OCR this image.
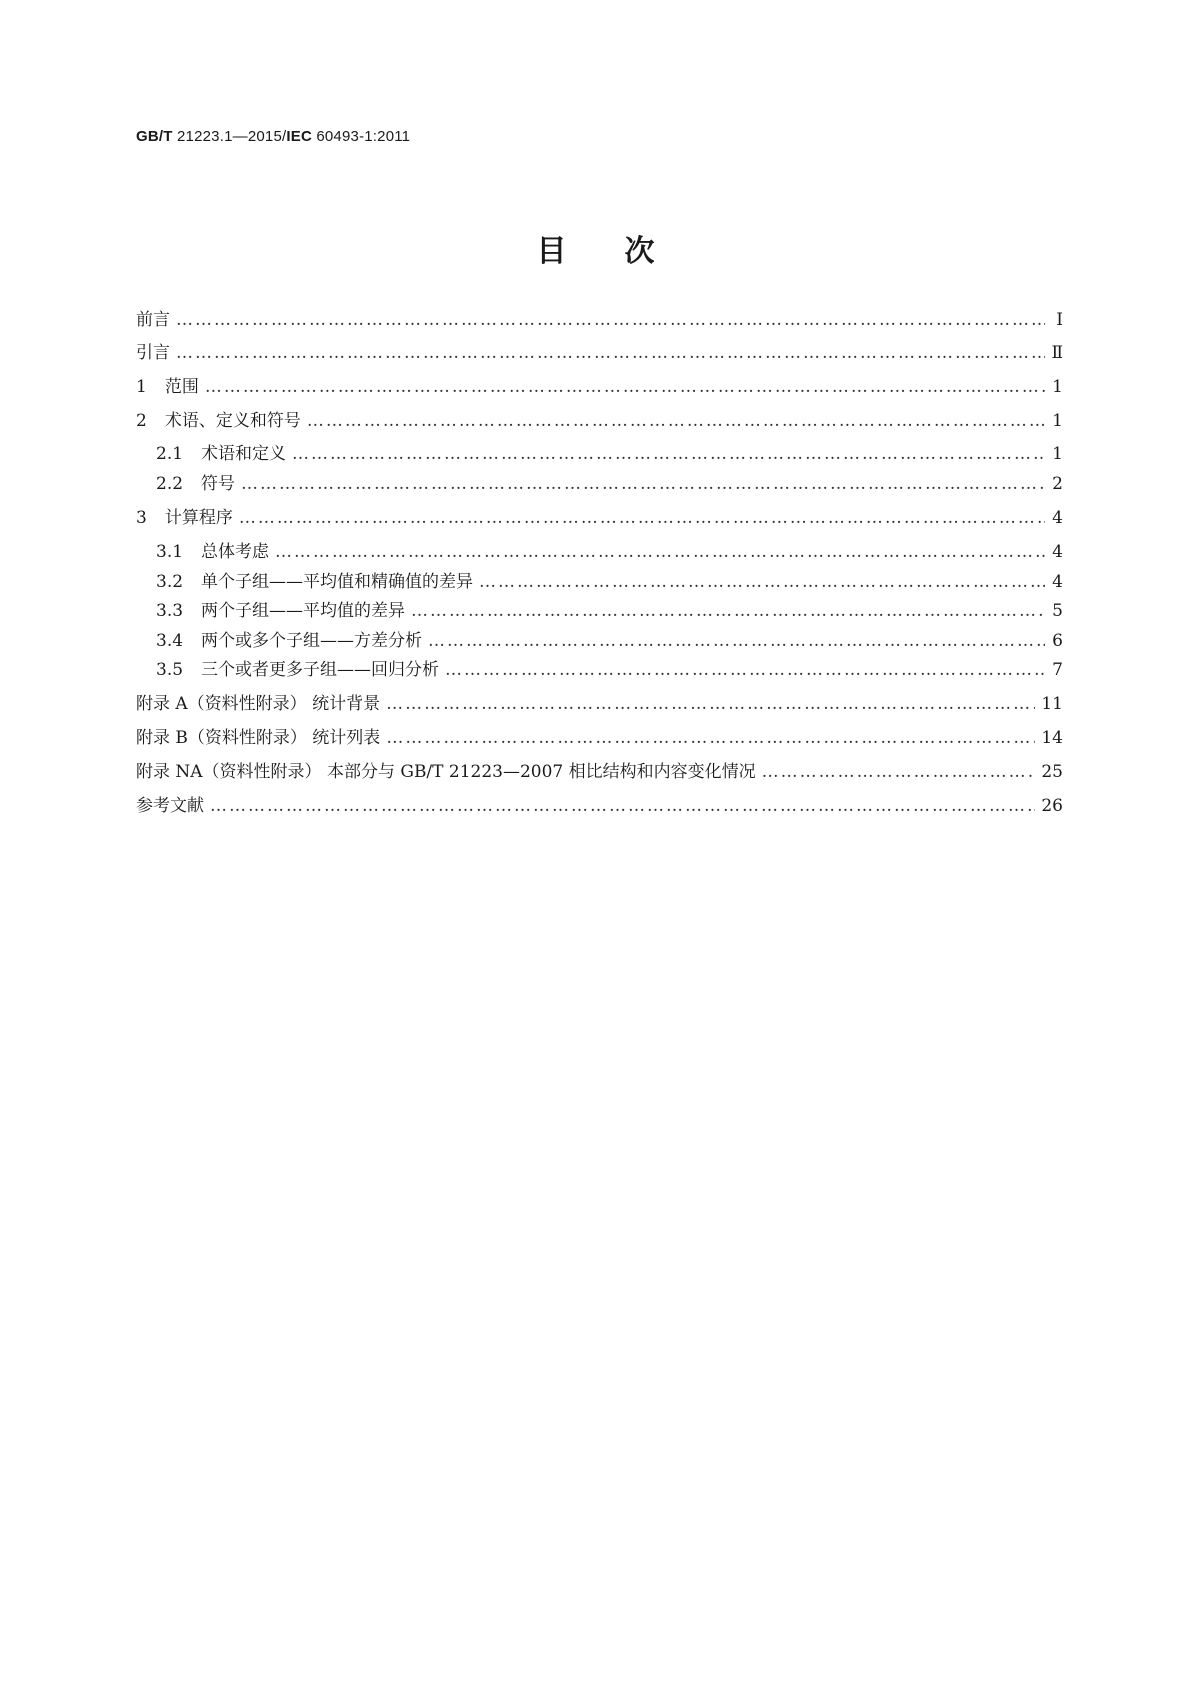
GB/T 21223.1—2015/IEC 60493-1:2011
目次
前言 ………………………………………………………………………………………………………………………………………………………………………………………………………………………………………………………………	Ⅰ
引言 ………………………………………………………………………………………………………………………………………………………………………………………………………………………………………………………………	Ⅱ
1 范围 ………………………………………………………………………………………………………………………………………………………………………………………………………………………………………………………………	1
2 术语、定义和符号 ………………………………………………………………………………………………………………………………………………………………………………………………………………………………………………………………	1
2.1 术语和定义 ………………………………………………………………………………………………………………………………………………………………………………………………………………………………………………………………	1
2.2 符号 ………………………………………………………………………………………………………………………………………………………………………………………………………………………………………………………………	2
3 计算程序 ………………………………………………………………………………………………………………………………………………………………………………………………………………………………………………………………	4
3.1 总体考虑 ………………………………………………………………………………………………………………………………………………………………………………………………………………………………………………………………	4
3.2 单个子组——平均值和精确值的差异 ………………………………………………………………………………………………………………………………………………………………………………………………………………………………………………………………	4
3.3 两个子组——平均值的差异 ………………………………………………………………………………………………………………………………………………………………………………………………………………………………………………………………	5
3.4 两个或多个子组——方差分析 ………………………………………………………………………………………………………………………………………………………………………………………………………………………………………………………………	6
3.5 三个或者更多子组——回归分析 ………………………………………………………………………………………………………………………………………………………………………………………………………………………………………………………………	7
附录 A（资料性附录） 统计背景 ………………………………………………………………………………………………………………………………………………………………………………………………………………………………………………………………	11
附录 B（资料性附录） 统计列表 ………………………………………………………………………………………………………………………………………………………………………………………………………………………………………………………………	14
附录 NA（资料性附录） 本部分与 GB/T 21223—2007 相比结构和内容变化情况 ………………………………………………………………………………………………………………………………………………………………………………………………………………………………………………………………	25
参考文献 ………………………………………………………………………………………………………………………………………………………………………………………………………………………………………………………………	26
